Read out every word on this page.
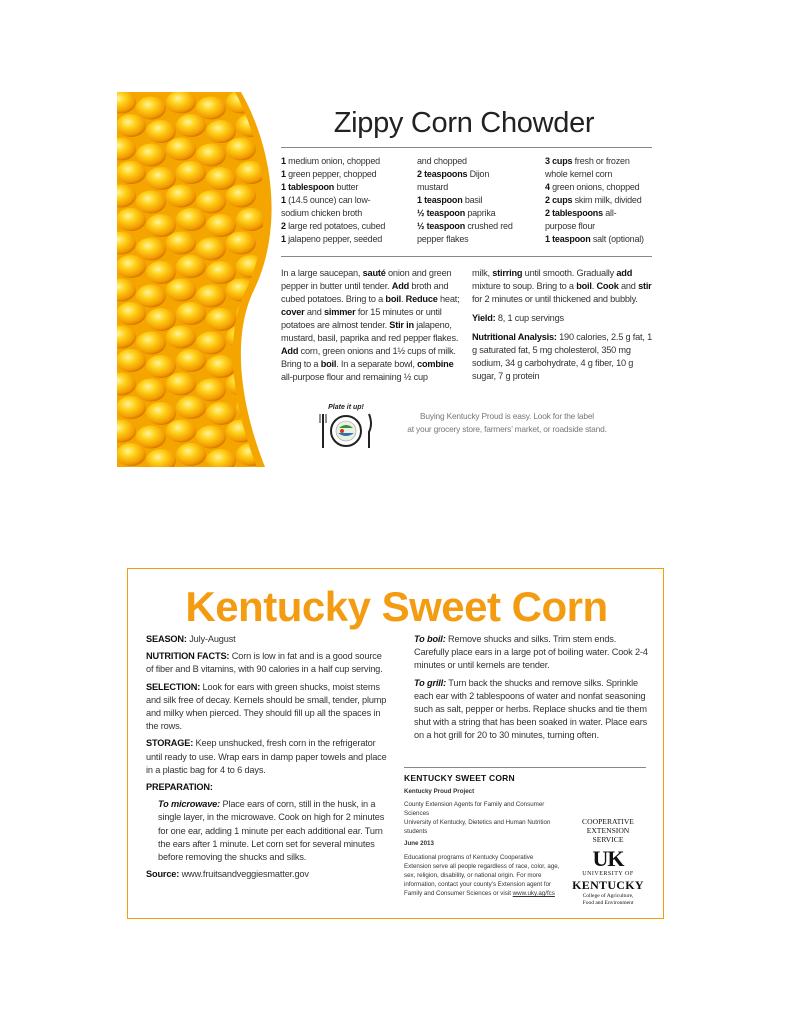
Zippy Corn Chowder
1 medium onion, chopped
1 green pepper, chopped
1 tablespoon butter
1 (14.5 ounce) can low-
sodium chicken broth
2 large red potatoes, cubed
1 jalapeno pepper, seeded
and chopped
2 teaspoons Dijon
mustard
1 teaspoon basil
½ teaspoon paprika
½ teaspoon crushed red
pepper flakes
3 cups fresh or frozen
whole kernel corn
4 green onions, chopped
2 cups skim milk, divided
2 tablespoons all-
purpose flour
1 teaspoon salt (optional)

In a large saucepan, sauté onion and green pepper in butter until tender. Add broth and cubed potatoes. Bring to a boil. Reduce heat; cover and simmer for 15 minutes or until potatoes are almost tender. Stir in jalapeno, mustard, basil, paprika and red pepper flakes. Add corn, green onions and 1½ cups of milk. Bring to a boil. In a separate bowl, combine all-purpose flour and remaining ½ cup

milk, stirring until smooth. Gradually add mixture to soup. Bring to a boil. Cook and stir for 2 minutes or until thickened and bubbly.

Yield: 8, 1 cup servings

Nutritional Analysis: 190 calories, 2.5 g fat, 1 g saturated fat, 5 mg cholesterol, 350 mg sodium, 34 g carbohydrate, 4 g fiber, 10 g sugar, 7 g protein

Plate it up!
Buying Kentucky Proud is easy. Look for the label
at your grocery store, farmers’ market, or roadside stand.
Kentucky Sweet Corn

SEASON: July-August

NUTRITION FACTS: Corn is low in fat and is a good source of fiber and B vitamins, with 90 calories in a half cup serving.

SELECTION: Look for ears with green shucks, moist stems and silk free of decay. Kernels should be small, tender, plump and milky when pierced. They should fill up all the spaces in the rows.

STORAGE: Keep unshucked, fresh corn in the refrigerator until ready to use. Wrap ears in damp paper towels and place in a plastic bag for 4 to 6 days.

PREPARATION:

To microwave: Place ears of corn, still in the husk, in a single layer, in the microwave. Cook on high for 2 minutes for one ear, adding 1 minute per each additional ear. Turn the ears after 1 minute. Let corn set for several minutes before removing the shucks and silks.

Source: www.fruitsandveggiesmatter.gov

To boil: Remove shucks and silks. Trim stem ends. Carefully place ears in a large pot of boiling water. Cook 2-4 minutes or until kernels are tender.

To grill: Turn back the shucks and remove silks. Sprinkle each ear with 2 tablespoons of water and nonfat seasoning such as salt, pepper or herbs. Replace shucks and tie them shut with a string that has been soaked in water. Place ears on a hot grill for 20 to 30 minutes, turning often.

KENTUCKY SWEET CORN
Kentucky Proud Project
County Extension Agents for Family and Consumer Sciences
University of Kentucky, Dietetics and Human Nutrition students
June 2013
Educational programs of Kentucky Cooperative Extension serve all people regardless of race, color, age, sex, religion, disability, or national origin. For more information, contact your county’s Extension agent for Family and Consumer Sciences or visit www.uky.ag/fcs
COOPERATIVE
EXTENSION
SERVICE
UK
UNIVERSITY OF
KENTUCKY
College of Agriculture,
Food and Environment
